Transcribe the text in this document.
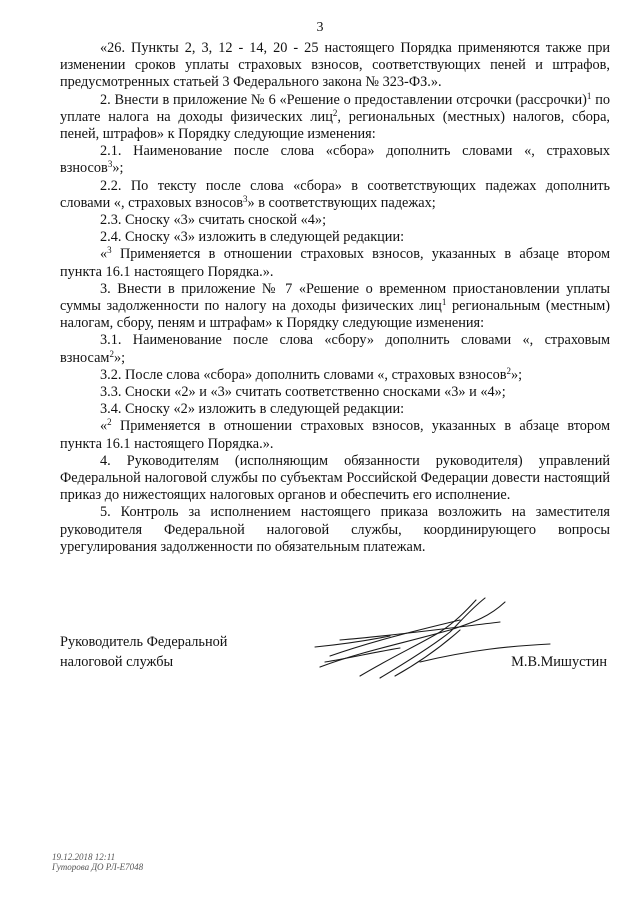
3

«26. Пункты 2, 3, 12 - 14, 20 - 25 настоящего Порядка применяются также при изменении сроков уплаты страховых взносов, соответствующих пеней и штрафов, предусмотренных статьей 3 Федерального закона № 323-ФЗ.».

2. Внести в приложение № 6 «Решение о предоставлении отсрочки (рассрочки)$^1$ по уплате налога на доходы физических лиц$^2$, региональных (местных) налогов, сбора, пеней, штрафов» к Порядку следующие изменения:

2.1. Наименование после слова «сбора» дополнить словами «, страховых взносов$^3$»;

2.2. По тексту после слова «сбора» в соответствующих падежах дополнить словами «, страховых взносов$^3$» в соответствующих падежах;

2.3. Сноску «3» считать сноской «4»;

2.4. Сноску «3» изложить в следующей редакции:

«$^3$ Применяется в отношении страховых взносов, указанных в абзаце втором пункта 16.1 настоящего Порядка.».

3. Внести в приложение № 7 «Решение о временном приостановлении уплаты суммы задолженности по налогу на доходы физических лиц$^1$ региональным (местным) налогам, сбору, пеням и штрафам» к Порядку следующие изменения:

3.1. Наименование после слова «сбору» дополнить словами «, страховым взносам$^2$»;

3.2. После слова «сбора» дополнить словами «, страховых взносов$^2$»;

3.3. Сноски «2» и «3» считать соответственно сносками «3» и «4»;

3.4. Сноску «2» изложить в следующей редакции:

«$^2$ Применяется в отношении страховых взносов, указанных в абзаце втором пункта 16.1 настоящего Порядка.».

4. Руководителям (исполняющим обязанности руководителя) управлений Федеральной налоговой службы по субъектам Российской Федерации довести настоящий приказ до нижестоящих налоговых органов и обеспечить его исполнение.

5. Контроль за исполнением настоящего приказа возложить на заместителя руководителя Федеральной налоговой службы, координирующего вопросы урегулирования задолженности по обязательным платежам.

Руководитель Федеральной
налоговой службы	М.В.Мишустин
19.12.2018 12:11
Гуторова ДО РЛ-Е7048
